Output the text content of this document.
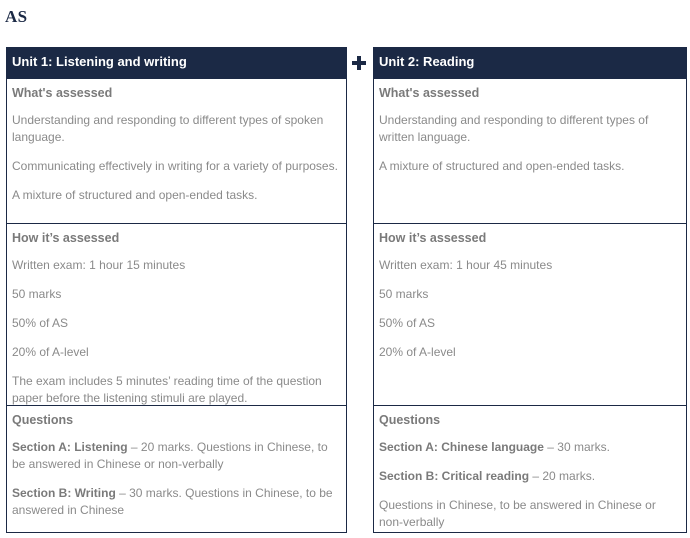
AS
Unit 1: Listening and writing

What's assessed

Understanding and responding to different types of spoken language.

Communicating effectively in writing for a variety of purposes.

A mixture of structured and open-ended tasks.

How it’s assessed

Written exam: 1 hour 15 minutes

50 marks

50% of AS

20% of A-level

The exam includes 5 minutes’ reading time of the question paper before the listening stimuli are played.

Questions

Section A: Listening – 20 marks. Questions in Chinese, to be answered in Chinese or non-verbally

Section B: Writing – 30 marks. Questions in Chinese, to be answered in Chinese

Unit 2: Reading

What's assessed

Understanding and responding to different types of written language.

A mixture of structured and open-ended tasks.

How it’s assessed

Written exam: 1 hour 45 minutes

50 marks

50% of AS

20% of A-level

Questions

Section A: Chinese language – 30 marks.

Section B: Critical reading – 20 marks.

Questions in Chinese, to be answered in Chinese or non-verbally
